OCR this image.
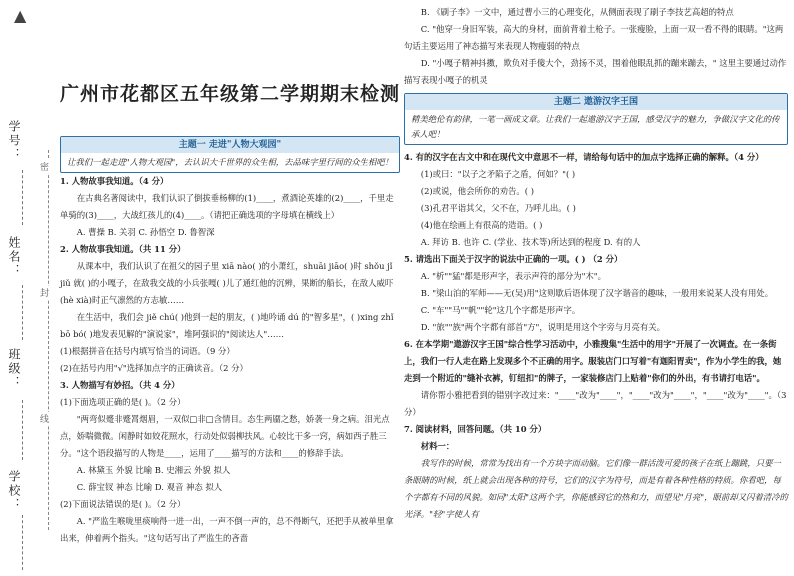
▲
学号：
姓名：
班级：
学校：
密
封
线
广州市花都区五年级第二学期期末检测
主题一 走进"人物大观园"
让我们一起走进"人物大观园"，去认识大千世界的众生相，去品味字里行间的众生相吧！

1. 人物故事我知道。（4 分）

在古典名著阅读中，我们认识了倒拔垂杨柳的(1)____，煮酒论英雄的(2)____，千里走单骑的(3)____，大战红孩儿的(4)____。（请把正确选项的字母填在横线上）

A. 曹操 B. 关羽 C. 孙悟空 D. 鲁智深

2. 人物故事我知道。（共 11 分）

从课本中，我们认识了在祖父的园子里 xiā nào( )的小萧红，shuāi jiāo( )时 shǒu jǐ jiǔ 就( )的小嘎子，在敌我交战的小兵张嘎( )儿了通红他的沉辨，果断的船长，在敌人威吓(hè xià)时正气凛然的方志敏……

在生活中，我们会 jiě chú( )他到一起的朋友，( )地吟诵 dú 的"智多星"，( )xing zhǐ bō bó( )地发表见解的"演说家"，堆阿强识的"阅读达人"……

(1)根据拼音在括号内填写恰当的词语。（9 分）

(2)在括号内用"√"选择加点字的正确读音。（2 分）

3. 人物描写有妙招。（共 4 分）

(1)下面选项正确的是( )。（2 分）

"两弯似蹙非蹙罥烟眉，一双似□非□含情目。态生两靥之愁，娇袭一身之病。泪光点点，娇喘微微。闲静时如姣花照水，行动处似弱柳扶风。心较比干多一窍，病如西子胜三分。"这个语段描写的人物是____，运用了____描写的方法和____的修辞手法。

A. 林黛玉 外貌 比喻 B. 史湘云 外貌 拟人

C. 薛宝钗 神态 比喻 D. 观音 神态 拟人

(2)下面说法错误的是( )。（2 分）

A. "严监生喉咙里痰响得一进一出，一声不倒一声的，总不得断气，还把手从被单里拿出来，伸着两个指头。"这句话写出了严监生的吝啬

B. 《刷子李》一文中，通过曹小三的心理变化，从侧面表现了刷子李技艺高超的特点

C. "他穿一身旧军装，高大的身材，面前背着土枪子。一张瘦脸，上面一双一看不得的眼睛。"这两句话主要运用了神态描写来表现人物瘦弱的特点

D. "小嘎子精神抖擞，欺负对手傻大个，劲扬不灵，围着他眼乱抓的蹦来蹦去，" 这里主要通过动作描写表现小嘎子的机灵

主题二 遨游汉字王国
精美绝伦有韵律，一笔一画成文章。让我们一起遨游汉字王国，感受汉字的魅力，争做汉字文化的传承人吧！

4. 有的汉字在古文中和在现代文中意思不一样，请给每句话中的加点字选择正确的解释。（4 分）

(1)或曰："以子之矛陷子之盾，何如？"( )

(2)或说，他会所你的劝告。( )

(3)孔君平诣其父，父不在，乃呼儿出。( )

(4)他在绘画上有很高的造诣。( )

A. 拜访 B. 也许 C. (学业、技术等)所达到的程度 D. 有的人

5. 请选出下面关于汉字的说法中正确的一项。( ) （2 分）

A. "析""猛"都是形声字，表示声符的部分为"木"。

B. "梁山泊的军师——无(吴)用"这则歇后语体现了汉字谐音的趣味，一般用来说某人没有用处。

C. "车""马""帆""轮"这几个字都是形声字。

D. "旅""族"两个字都有部首"方"，说明是用这个字旁与月亮有关。

6. 在本学期"遨游汉字王国"综合性学习活动中，小雅搜集"生活中的用字"开展了一次调查。在一条街上，我们一行人走在路上发现多个不正确的用字。服装店门口写着"有迦阳胃卖"，作为小学生的我，她走到一个附近的"缝补衣裤，钉纽扣"的牌子，一家装修店门上贴着"你们的外出，有书请打电话"。

请你帮小雅把看到的错别字改过来："____"改为"____"，"____"改为"____"，"____"改为"____"。（3 分）

7. 阅读材料，回答问题。（共 10 分）

材料一：

我写作的时候，常常为找出有一个方块字而动脑。它们像一群活泼可爱的孩子在纸上蹦跳，只要一条眼睛的时候，纸上就会出现各种的符号，它们的汉字为符号，而是有着各种性格的特质。你看吧，每个字都有不同的风貌。如同"太阳"这两个字，你能感到它的热和力，而望见"月亮"，眼前却又闪着清冷的光泽。"轻"字使人有
